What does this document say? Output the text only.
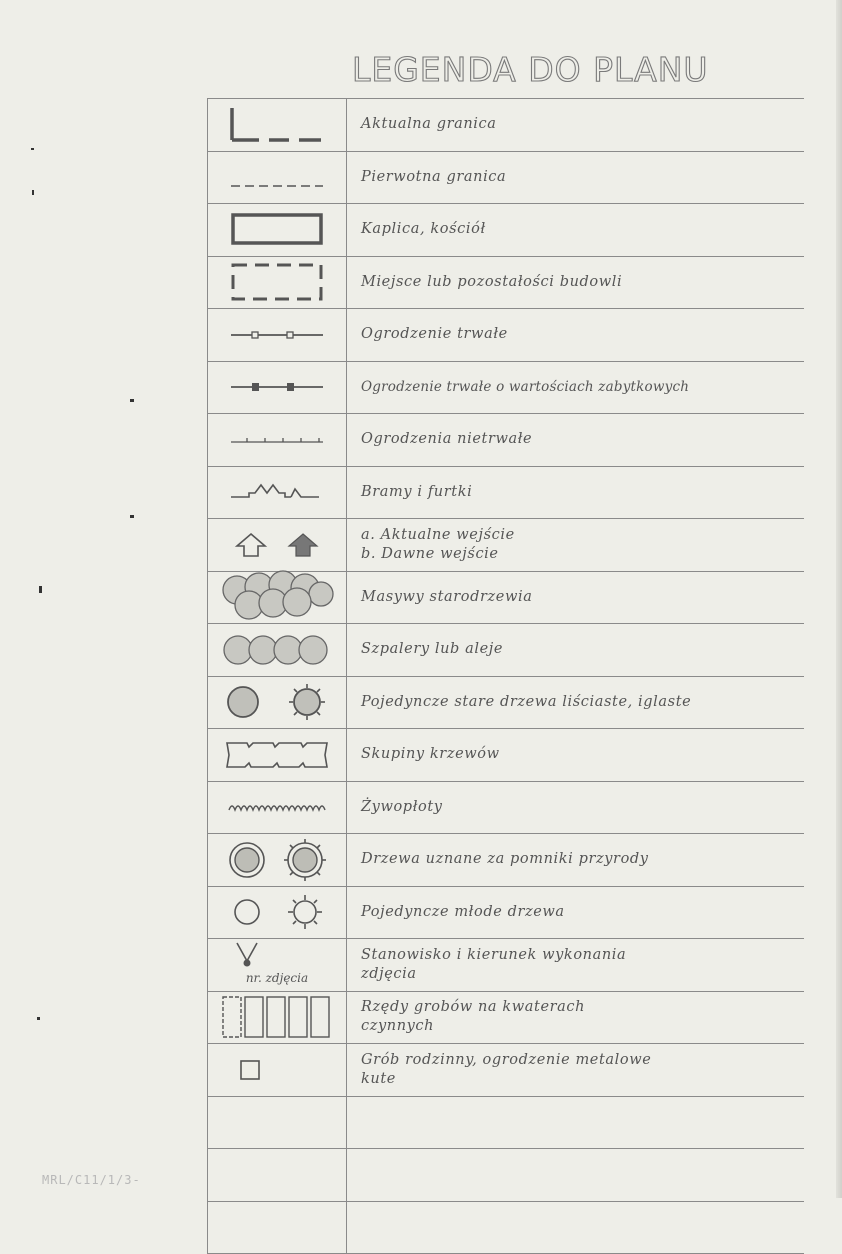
LEGENDA DO PLANU
Aktualna granica
Pierwotna granica
Kaplica, kościół
Miejsce lub pozostałości budowli
Ogrodzenie trwałe
Ogrodzenie trwałe o wartościach zabytkowych
Ogrodzenia nietrwałe
Bramy i furtki
a. Aktualne wejście
b. Dawne wejście
Masywy starodrzewia
Szpalery lub aleje
Pojedyncze stare drzewa liściaste, iglaste
Skupiny krzewów
Żywopłoty
Drzewa uznane za pomniki przyrody
Pojedyncze młode drzewa
nr. zdjęcia
Stanowisko i kierunek wykonania
zdjęcia
Rzędy grobów na kwaterach
czynnych
Grób rodzinny, ogrodzenie metalowe
kute
MRL/C11/1/3-
